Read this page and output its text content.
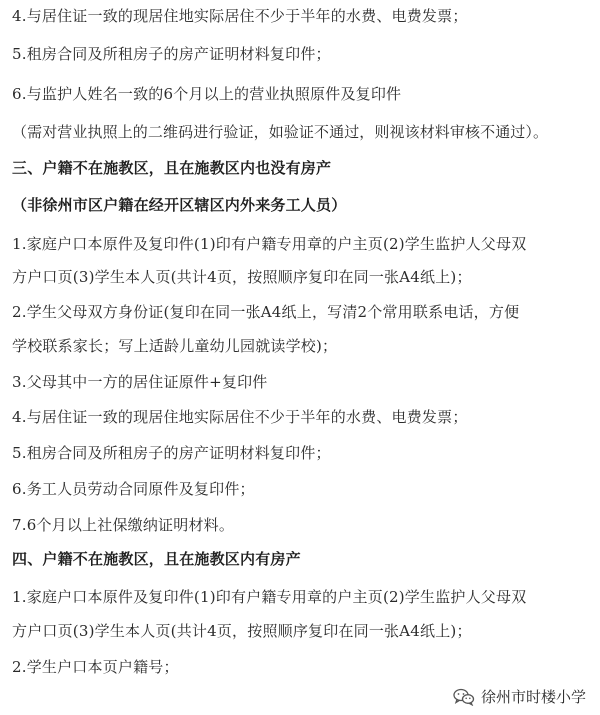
4.与居住证一致的现居住地实际居住不少于半年的水费、电费发票；
5.租房合同及所租房子的房产证明材料复印件；
6.与监护人姓名一致的6个月以上的营业执照原件及复印件
（需对营业执照上的二维码进行验证，如验证不通过，则视该材料审核不通过）。
三、户籍不在施教区，且在施教区内也没有房产
（非徐州市区户籍在经开区辖区内外来务工人员）
1.家庭户口本原件及复印件(1)印有户籍专用章的户主页(2)学生监护人父母双
方户口页(3)学生本人页(共计4页，按照顺序复印在同一张A4纸上)；
2.学生父母双方身份证(复印在同一张A4纸上，写清2个常用联系电话，方便
学校联系家长；写上适龄儿童幼儿园就读学校)；
3.父母其中一方的居住证原件+复印件
4.与居住证一致的现居住地实际居住不少于半年的水费、电费发票；
5.租房合同及所租房子的房产证明材料复印件；
6.务工人员劳动合同原件及复印件；
7.6个月以上社保缴纳证明材料。
四、户籍不在施教区，且在施教区内有房产
1.家庭户口本原件及复印件(1)印有户籍专用章的户主页(2)学生监护人父母双
方户口页(3)学生本人页(共计4页，按照顺序复印在同一张A4纸上)；
2.学生户口本页户籍号；
徐州市时楼小学
